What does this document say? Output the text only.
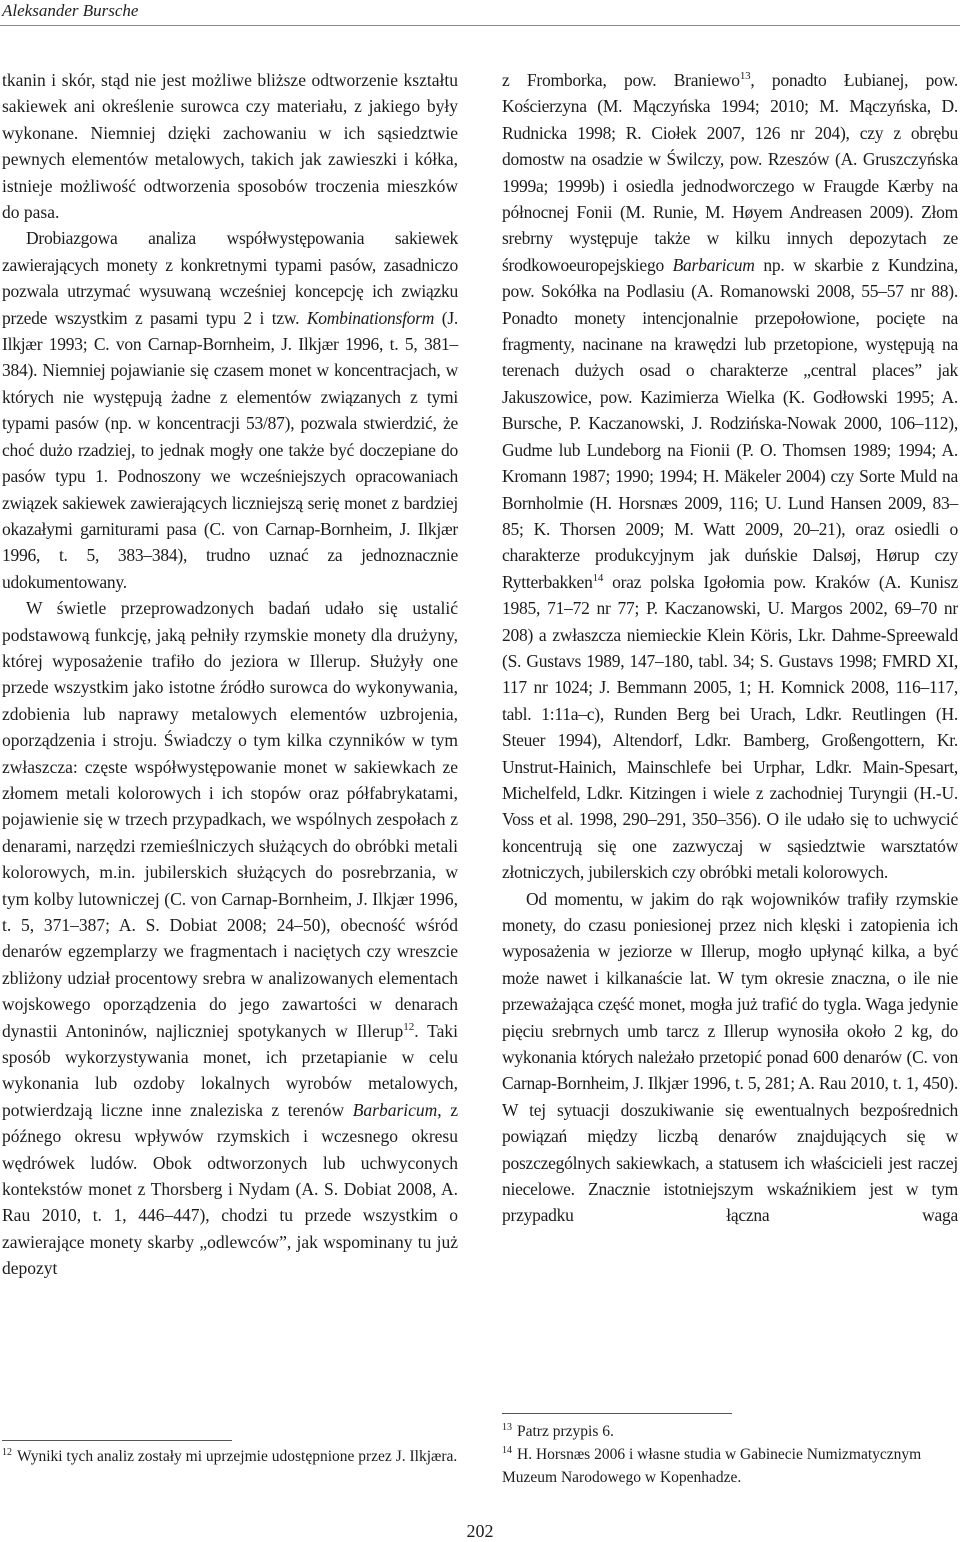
Aleksander Bursche

tkanin i skór, stąd nie jest możliwe bliższe odtworzenie kształtu sakiewek ani określenie surowca czy materiału, z jakiego były wykonane. Niemniej dzięki zachowaniu w ich sąsiedztwie pewnych elementów metalowych, takich jak zawieszki i kółka, istnieje możliwość odtworzenia sposobów troczenia mieszków do pasa.

Drobiazgowa analiza współwystępowania sakiewek zawierających monety z konkretnymi typami pasów, zasadniczo pozwala utrzymać wysuwaną wcześniej koncepcję ich związku przede wszystkim z pasami typu 2 i tzw. Kombinationsform (J. Ilkjær 1993; C. von Carnap-Bornheim, J. Ilkjær 1996, t. 5, 381–384). Niemniej pojawianie się czasem monet w koncentracjach, w których nie występują żadne z elementów związanych z tymi typami pasów (np. w koncentracji 53/87), pozwala stwierdzić, że choć dużo rzadziej, to jednak mogły one także być doczepiane do pasów typu 1. Podnoszony we wcześniejszych opracowaniach związek sakiewek zawierających liczniejszą serię monet z bardziej okazałymi garniturami pasa (C. von Carnap-Bornheim, J. Ilkjær 1996, t. 5, 383–384), trudno uznać za jednoznacznie udokumentowany.

W świetle przeprowadzonych badań udało się ustalić podstawową funkcję, jaką pełniły rzymskie monety dla drużyny, której wyposażenie trafiło do jeziora w Illerup. Służyły one przede wszystkim jako istotne źródło surowca do wykonywania, zdobienia lub naprawy metalowych elementów uzbrojenia, oporządzenia i stroju. Świadczy o tym kilka czynników w tym zwłaszcza: częste współwystępowanie monet w sakiewkach ze złomem metali kolorowych i ich stopów oraz półfabrykatami, pojawienie się w trzech przypadkach, we wspólnych zespołach z denarami, narzędzi rzemieślniczych służących do obróbki metali kolorowych, m.in. jubilerskich służących do posrebrzania, w tym kolby lutowniczej (C. von Carnap-Bornheim, J. Ilkjær 1996, t. 5, 371–387; A. S. Dobiat 2008; 24–50), obecność wśród denarów egzemplarzy we fragmentach i naciętych czy wreszcie zbliżony udział procentowy srebra w analizowanych elementach wojskowego oporządzenia do jego zawartości w denarach dynastii Antoninów, najliczniej spotykanych w Illerup$^{12}$. Taki sposób wykorzystywania monet, ich przetapianie w celu wykonania lub ozdoby lokalnych wyrobów metalowych, potwierdzają liczne inne znaleziska z terenów Barbaricum, z późnego okresu wpływów rzymskich i wczesnego okresu wędrówek ludów. Obok odtworzonych lub uchwyconych kontekstów monet z Thorsberg i Nydam (A. S. Dobiat 2008, A. Rau 2010, t. 1, 446–447), chodzi tu przede wszystkim o zawierające monety skarby „odlewców”, jak wspominany tu już depozyt

z Fromborka, pow. Braniewo$^{13}$, ponadto Łubianej, pow. Kościerzyna (M. Mączyńska 1994; 2010; M. Mączyńska, D. Rudnicka 1998; R. Ciołek 2007, 126 nr 204), czy z obrębu domostw na osadzie w Świlczy, pow. Rzeszów (A. Gruszczyńska 1999a; 1999b) i osiedla jednodworczego w Fraugde Kærby na północnej Fonii (M. Runie, M. Høyem Andreasen 2009). Złom srebrny występuje także w kilku innych depozytach ze środkowoeuropejskiego Barbaricum np. w skarbie z Kundzina, pow. Sokółka na Podlasiu (A. Romanowski 2008, 55–57 nr 88). Ponadto monety intencjonalnie przepołowione, pocięte na fragmenty, nacinane na krawędzi lub przetopione, występują na terenach dużych osad o charakterze „central places” jak Jakuszowice, pow. Kazimierza Wielka (K. Godłowski 1995; A. Bursche, P. Kaczanowski, J. Rodzińska-Nowak 2000, 106–112), Gudme lub Lundeborg na Fionii (P. O. Thomsen 1989; 1994; A. Kromann 1987; 1990; 1994; H. Mäkeler 2004) czy Sorte Muld na Bornholmie (H. Horsnæs 2009, 116; U. Lund Hansen 2009, 83–85; K. Thorsen 2009; M. Watt 2009, 20–21), oraz osiedli o charakterze produkcyjnym jak duńskie Dalsøj, Hørup czy Rytterbakken$^{14}$ oraz polska Igołomia pow. Kraków (A. Kunisz 1985, 71–72 nr 77; P. Kaczanowski, U. Margos 2002, 69–70 nr 208) a zwłaszcza niemieckie Klein Köris, Lkr. Dahme-Spreewald (S. Gustavs 1989, 147–180, tabl. 34; S. Gustavs 1998; FMRD XI, 117 nr 1024; J. Bemmann 2005, 1; H. Komnick 2008, 116–117, tabl. 1:11a–c), Runden Berg bei Urach, Ldkr. Reutlingen (H. Steuer 1994), Altendorf, Ldkr. Bamberg, Großengottern, Kr. Unstrut-Hainich, Mainschlefe bei Urphar, Ldkr. Main-Spesart, Michelfeld, Ldkr. Kitzingen i wiele z zachodniej Turyngii (H.-U. Voss et al. 1998, 290–291, 350–356). O ile udało się to uchwycić koncentrują się one zazwyczaj w sąsiedztwie warsztatów złotniczych, jubilerskich czy obróbki metali kolorowych.

Od momentu, w jakim do rąk wojowników trafiły rzymskie monety, do czasu poniesionej przez nich klęski i zatopienia ich wyposażenia w jeziorze w Illerup, mogło upłynąć kilka, a być może nawet i kilkanaście lat. W tym okresie znaczna, o ile nie przeważająca część monet, mogła już trafić do tygla. Waga jedynie pięciu srebrnych umb tarcz z Illerup wynosiła około 2 kg, do wykonania których należało przetopić ponad 600 denarów (C. von Carnap-Bornheim, J. Ilkjær 1996, t. 5, 281; A. Rau 2010, t. 1, 450). W tej sytuacji doszukiwanie się ewentualnych bezpośrednich powiązań między liczbą denarów znajdujących się w poszczególnych sakiewkach, a statusem ich właścicieli jest raczej niecelowe. Znacznie istotniejszym wskaźnikiem jest w tym przypadku łączna waga

$^{12}$ Wyniki tych analiz zostały mi uprzejmie udostępnione przez J. Ilkjæra.

$^{13}$ Patrz przypis 6.

$^{14}$ H. Horsnæs 2006 i własne studia w Gabinecie Numizmatycznym Muzeum Narodowego w Kopenhadze.

202
